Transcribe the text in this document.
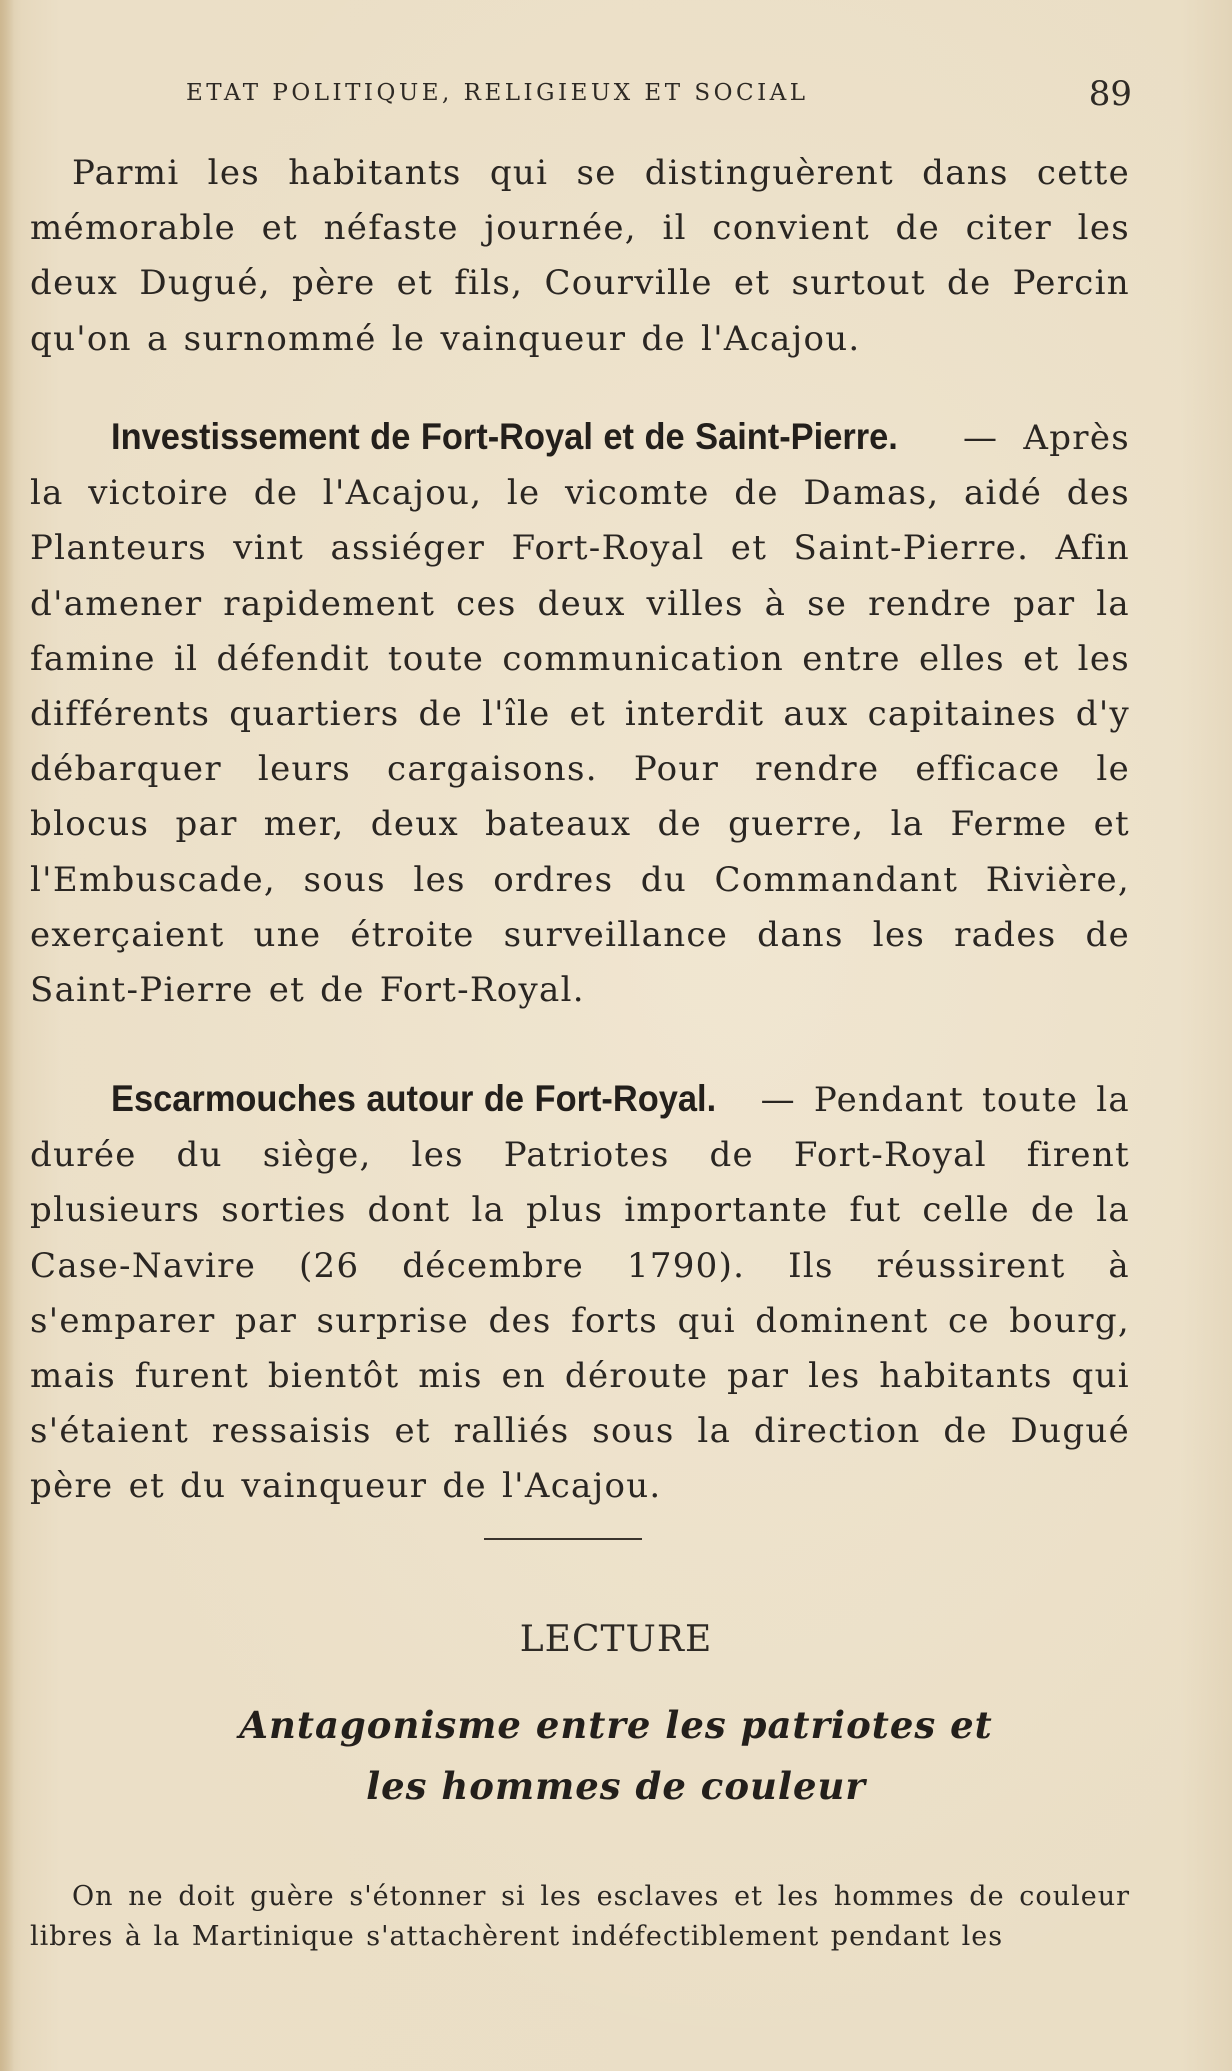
ETAT POLITIQUE, RELIGIEUX ET SOCIAL	89

Parmi les habitants qui se distinguèrent dans cette mémorable et néfaste journée, il convient de citer les deux Dugué, père et fils, Courville et surtout de Percin qu'on a surnommé le vainqueur de l'Acajou.

Investissement de Fort-Royal et de Saint-Pierre. — Après la victoire de l'Acajou, le vicomte de Damas, aidé des Planteurs vint assiéger Fort-Royal et Saint-Pierre. Afin d'amener rapidement ces deux villes à se rendre par la famine il défendit toute communication entre elles et les différents quartiers de l'île et interdit aux capitaines d'y débarquer leurs cargaisons. Pour rendre efficace le blocus par mer, deux bateaux de guerre, la Ferme et l'Embuscade, sous les ordres du Commandant Rivière, exerçaient une étroite surveillance dans les rades de Saint-Pierre et de Fort-Royal.

Escarmouches autour de Fort-Royal. — Pendant toute la durée du siège, les Patriotes de Fort-Royal firent plusieurs sorties dont la plus importante fut celle de la Case-Navire (26 décembre 1790). Ils réussirent à s'emparer par surprise des forts qui dominent ce bourg, mais furent bientôt mis en déroute par les habitants qui s'étaient ressaisis et ralliés sous la direction de Dugué père et du vainqueur de l'Acajou.

LECTURE
Antagonisme entre les patriotes et
les hommes de couleur

On ne doit guère s'étonner si les esclaves et les hommes de couleur libres à la Martinique s'attachèrent indéfectiblement pendant les
